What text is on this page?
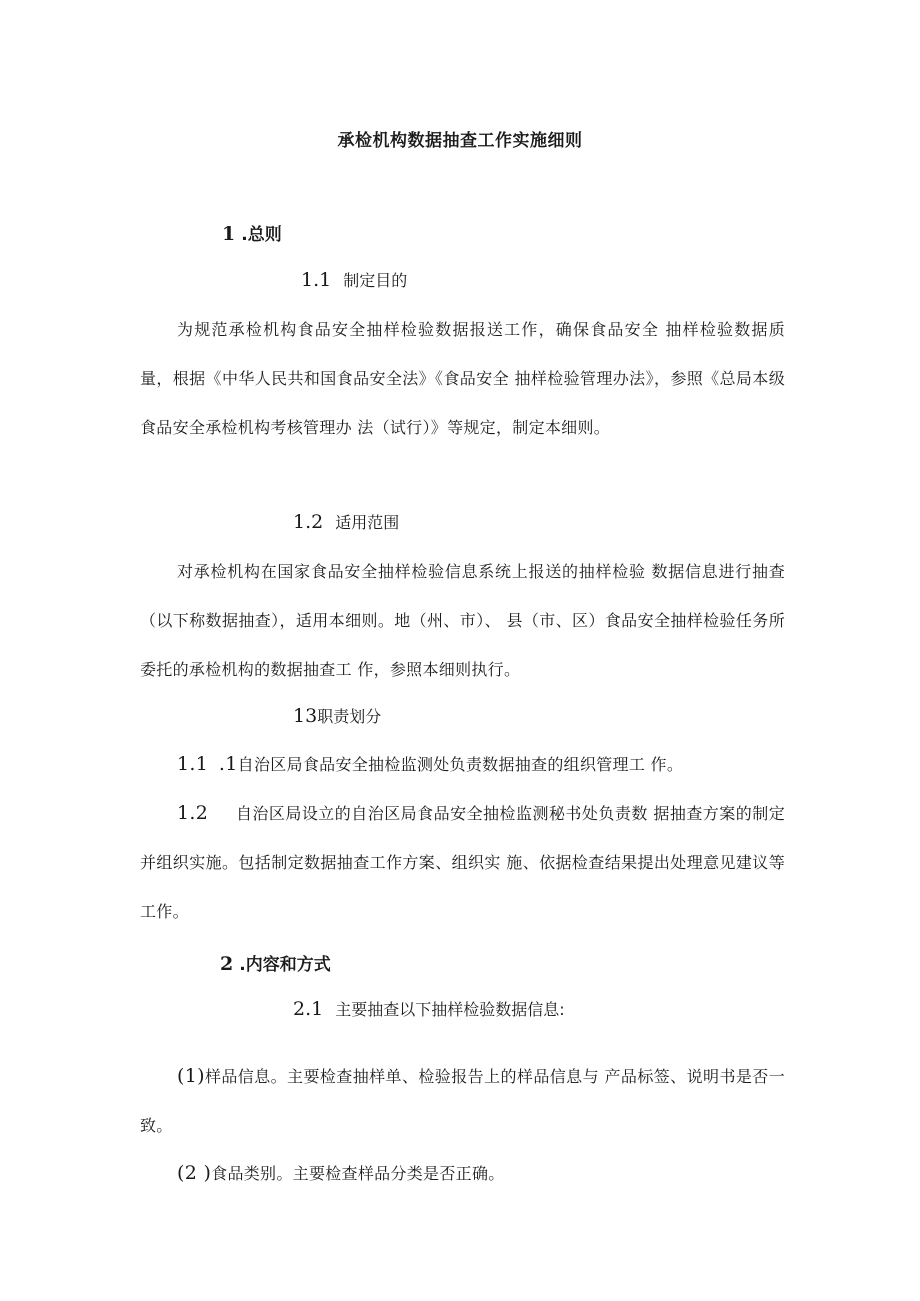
承检机构数据抽查工作实施细则
1 .总则
1.1 制定目的
为规范承检机构食品安全抽样检验数据报送工作，确保食品安全 抽样检验数据质量，根据《中华人民共和国食品安全法》《食品安全 抽样检验管理办法》，参照《总局本级食品安全承检机构考核管理办 法（试行）》等规定，制定本细则。
1.2 适用范围
对承检机构在国家食品安全抽样检验信息系统上报送的抽样检验 数据信息进行抽查（以下称数据抽查），适用本细则。地（州、市）、 县（市、区）食品安全抽样检验任务所委托的承检机构的数据抽查工 作，参照本细则执行。
13职责划分
1.1 .1自治区局食品安全抽检监测处负责数据抽查的组织管理工 作。
1.2 自治区局设立的自治区局食品安全抽检监测秘书处负责数 据抽查方案的制定并组织实施。包括制定数据抽查工作方案、组织实 施、依据检查结果提出处理意见建议等工作。
2 .内容和方式
2.1 主要抽查以下抽样检验数据信息:
(1)样品信息。主要检查抽样单、检验报告上的样品信息与 产品标签、说明书是否一致。
(2 )食品类别。主要检查样品分类是否正确。
